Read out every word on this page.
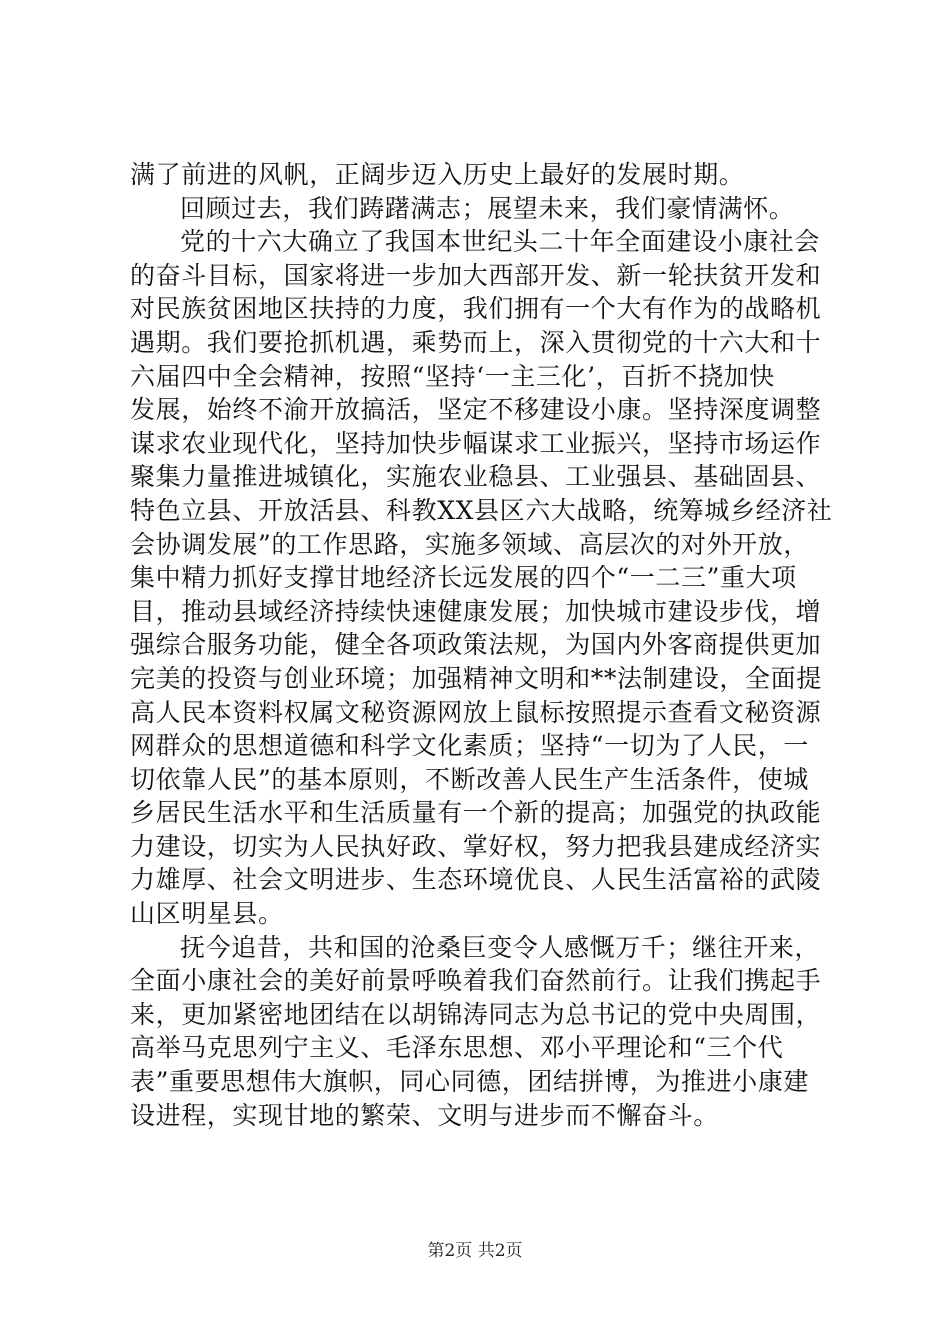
满了前进的风帆，正阔步迈入历史上最好的发展时期。
回顾过去，我们踌躇满志；展望未来，我们豪情满怀。
党的十六大确立了我国本世纪头二十年全面建设小康社会
的奋斗目标，国家将进一步加大西部开发、新一轮扶贫开发和
对民族贫困地区扶持的力度，我们拥有一个大有作为的战略机
遇期。我们要抢抓机遇，乘势而上，深入贯彻党的十六大和十
六届四中全会精神，按照“坚持‘一主三化’，百折不挠加快
发展，始终不渝开放搞活，坚定不移建设小康。坚持深度调整
谋求农业现代化，坚持加快步幅谋求工业振兴，坚持市场运作
聚集力量推进城镇化，实施农业稳县、工业强县、基础固县、
特色立县、开放活县、科教XX县区六大战略，统筹城乡经济社
会协调发展”的工作思路，实施多领域、高层次的对外开放，
集中精力抓好支撑甘地经济长远发展的四个“一二三”重大项
目，推动县域经济持续快速健康发展；加快城市建设步伐，增
强综合服务功能，健全各项政策法规，为国内外客商提供更加
完美的投资与创业环境；加强精神文明和**法制建设，全面提
高人民本资料权属文秘资源网放上鼠标按照提示查看文秘资源
网群众的思想道德和科学文化素质；坚持“一切为了人民，一
切依靠人民”的基本原则，不断改善人民生产生活条件，使城
乡居民生活水平和生活质量有一个新的提高；加强党的执政能
力建设，切实为人民执好政、掌好权，努力把我县建成经济实
力雄厚、社会文明进步、生态环境优良、人民生活富裕的武陵
山区明星县。
抚今追昔，共和国的沧桑巨变令人感慨万千；继往开来，
全面小康社会的美好前景呼唤着我们奋然前行。让我们携起手
来，更加紧密地团结在以胡锦涛同志为总书记的党中央周围，
高举马克思列宁主义、毛泽东思想、邓小平理论和“三个代
表”重要思想伟大旗帜，同心同德，团结拼博，为推进小康建
设进程，实现甘地的繁荣、文明与进步而不懈奋斗。
第2页 共2页
